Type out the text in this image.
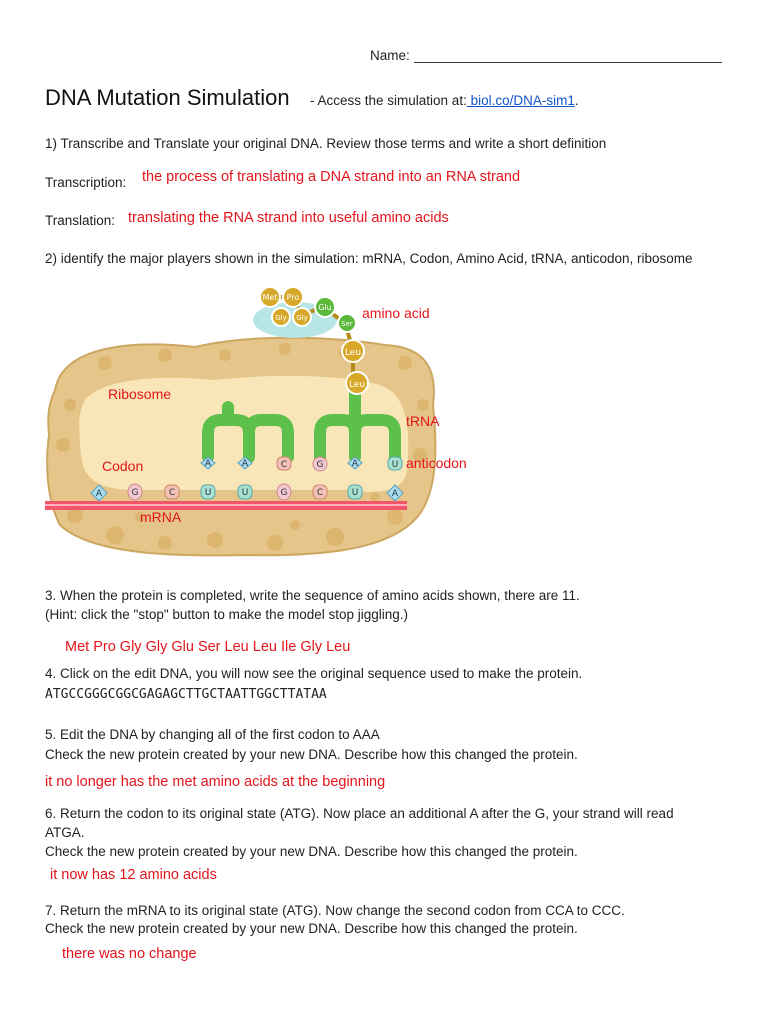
Name:
DNA Mutation Simulation - Access the simulation at: biol.co/DNA-sim1.
1) Transcribe and Translate your original DNA. Review those terms and write a short definition
Transcription: the process of translating a DNA strand into an RNA strand
Translation: translating the RNA strand into useful amino acids
2) identify the major players shown in the simulation: mRNA, Codon, Amino Acid, tRNA, anticodon, ribosome
Met Pro
Gly Gly
Glu
Ser
Leu
Leu
A	A	C	G	A	U
A	G	C	U	U	G	C	U	A
amino acid
Ribosome
tRNA
Codon	anticodon
mRNA
3. When the protein is completed, write the sequence of amino acids shown, there are 11.
(Hint: click the "stop" button to make the model stop jiggling.)
Met Pro Gly Gly Glu Ser Leu Leu Ile Gly Leu
4. Click on the edit DNA, you will now see the original sequence used to make the protein.
ATGCCGGGCGGCGAGAGCTTGCTAATTGGCTTATAA
5. Edit the DNA by changing all of the first codon to AAA
Check the new protein created by your new DNA. Describe how this changed the protein.
it no longer has the met amino acids at the beginning
6. Return the codon to its original state (ATG). Now place an additional A after the G, your strand will read
ATGA.
Check the new protein created by your new DNA. Describe how this changed the protein.
it now has 12 amino acids
7. Return the mRNA to its original state (ATG). Now change the second codon from CCA to CCC.
Check the new protein created by your new DNA. Describe how this changed the protein.
there was no change
